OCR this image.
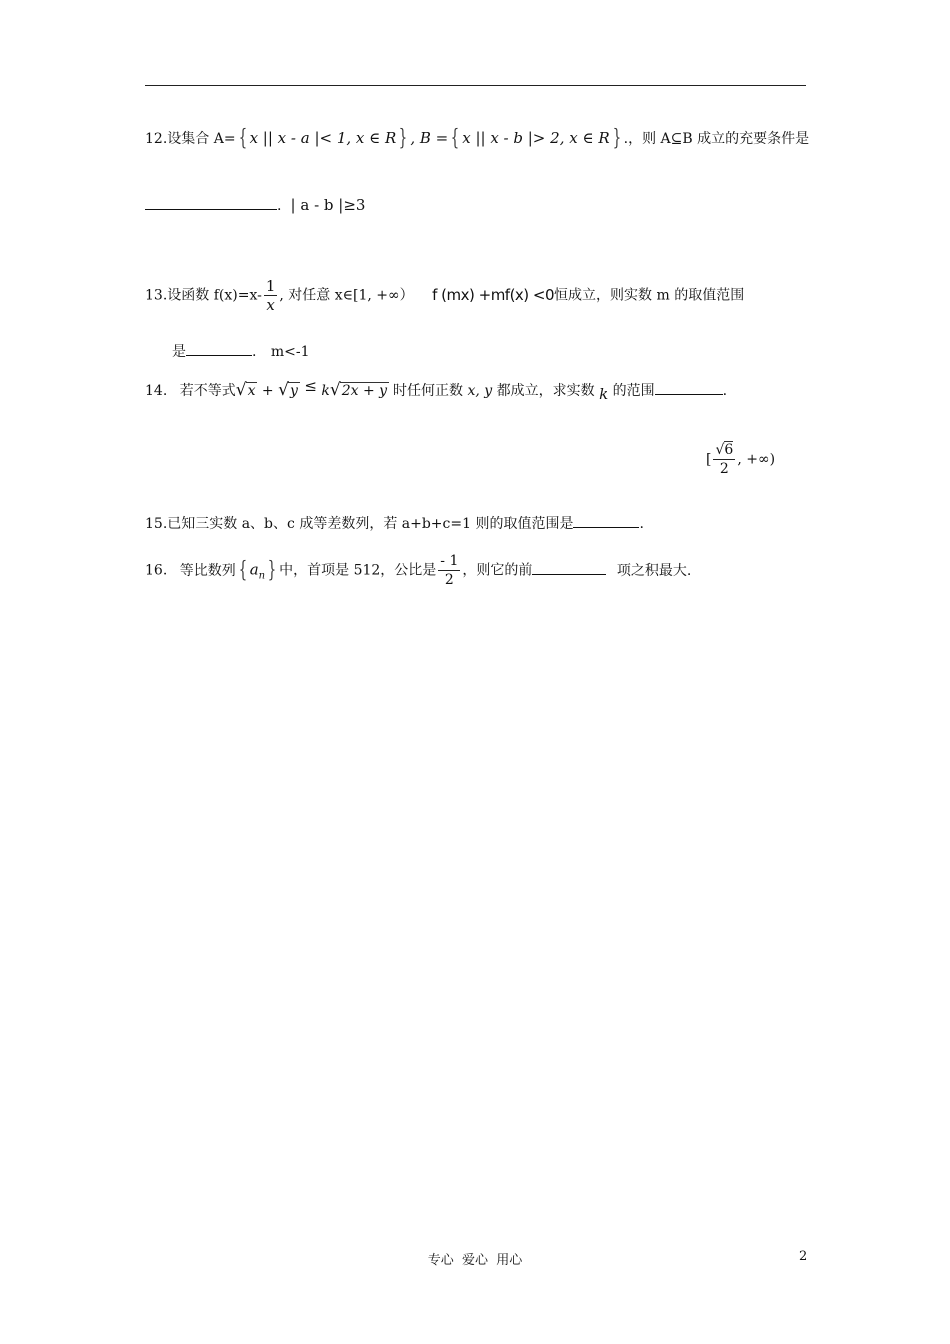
12.设集合 A= { x || x - a |< 1, x ∈ R } , B = { x || x - b |> 2, x ∈ R } .，则 A⊆B 成立的充要条件是
. | a - b |≥3
13.设函数 $f(x)=x- \frac{1}{x}$ , 对任意 x∈[1, +∞） f (mx) +mf(x) <0恒成立，则实数 m 的取值范围
是	. m<-1
14. 若不等式√x + √y ≤ k√2x + y 时任何正数 x, y 都成立，求实数 k 的范围	.
[ $\frac{√6}{2}$ , +∞)
15.已知三实数 a、b、c 成等差数列，若 a+b+c=1 则的取值范围是	.
16. 等比数列 { $a_n$ } 中，首项是 512，公比是 $\frac{- 1}{2}$ ，则它的前	项之积最大.
专心  爱心  用心	2
